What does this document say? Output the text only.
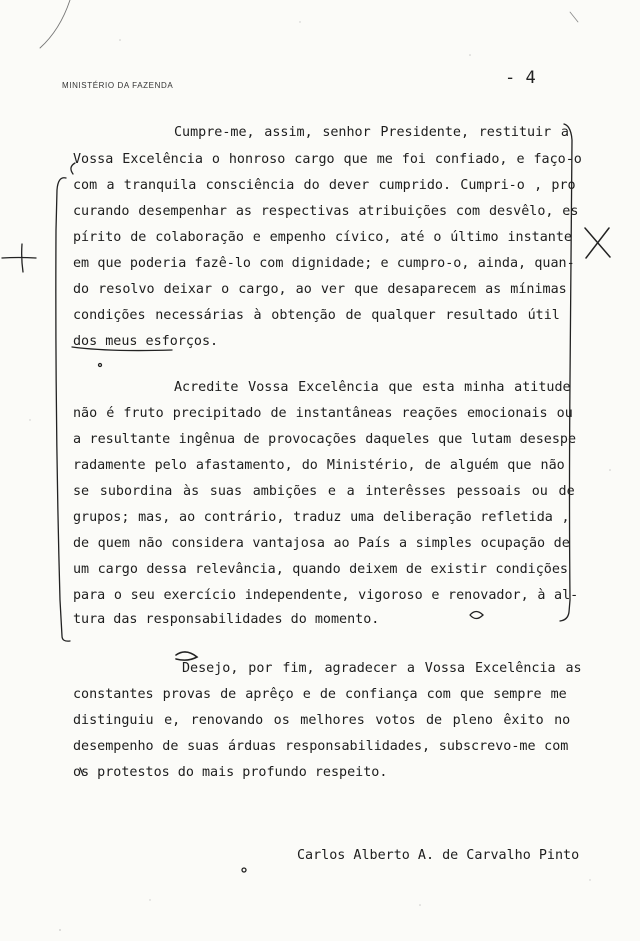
MINISTÉRIO DA FAZENDA	- 4
Cumpre-me, assim, senhor Presidente, restituir a
Vossa Excelência o honroso cargo que me foi confiado, e faço-o
com a tranquila consciência do dever cumprido. Cumpri-o , pro
curando desempenhar as respectivas atribuições com desvêlo, es
pírito de colaboração e empenho cívico, até o último instante
em que poderia fazê-lo com dignidade; e cumpro-o, ainda, quan-
do resolvo deixar o cargo, ao ver que desaparecem as mínimas
condições necessárias à obtenção de qualquer resultado útil
dos meus esforços.
Acredite Vossa Excelência que esta minha atitude
não é fruto precipitado de instantâneas reações emocionais ou
a resultante ingênua de provocações daqueles que lutam desespe
radamente pelo afastamento, do Ministério, de alguém que não
se subordina às suas ambições e a interêsses pessoais ou de
grupos; mas, ao contrário, traduz uma deliberação refletida ,
de quem não considera vantajosa ao País a simples ocupação de
um cargo dessa relevância, quando deixem de existir condições
para o seu exercício independente, vigoroso e renovador, à al-
tura das responsabilidades do momento.
Desejo, por fim, agradecer a Vossa Excelência as
constantes provas de aprêço e de confiança com que sempre me
distinguiu e, renovando os melhores votos de pleno êxito no
desempenho de suas árduas responsabilidades, subscrevo-me com
os protestos do mais profundo respeito.
Carlos Alberto A. de Carvalho Pinto
